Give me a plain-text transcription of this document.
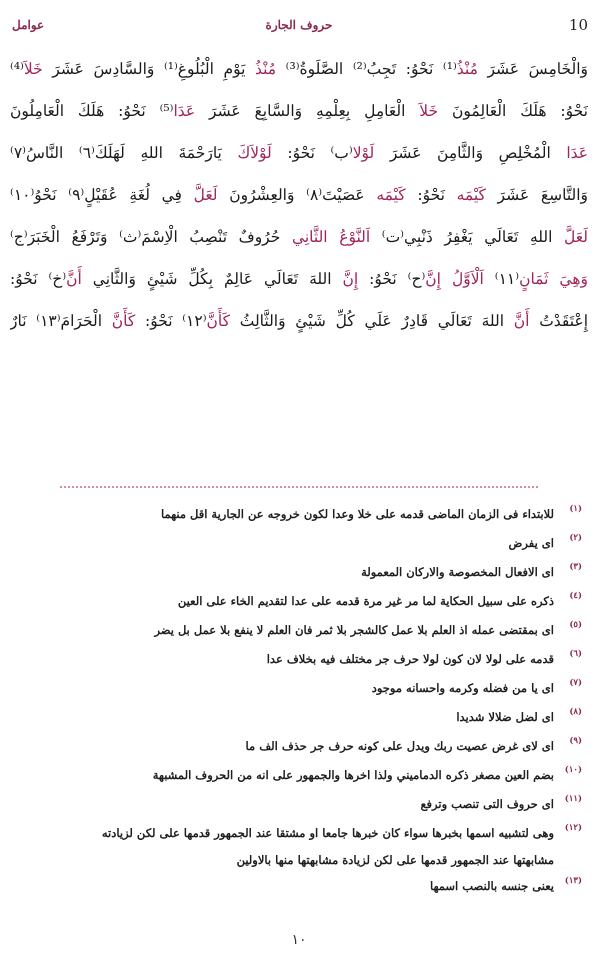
عوامل	حروف الجارة	10
وَالْخَامِسَ عَشَرَ مُنْذُ⁽¹⁾ نَحْوُ: تَجِبُ⁽²⁾ الصَّلَوةُ⁽³⁾ مُنْذُ يَوْمِ الْبُلُوغِ⁽¹⁾ وَالسَّادِسَ عَشَرَ خَلاَ⁽⁴⁾
نَحْوُ: هَلَكَ الْعَالِمُونَ خَلاَ الْعَامِلِ بِعِلْمِهِ وَالسَّابِعَ عَشَرَ عَدَا⁽⁵⁾ نَحْوُ: هَلَكَ الْعَامِلُونَ
عَدَا الْمُخْلِصِ وَالثَّامِنَ عَشَرَ لَوْلا⁽ب⁾ نَحْوُ: لَوْلاَكَ يَارَحْمَةَ اللهِ لَهَلَكَ⁽٦⁾ النَّاسُ⁽٧⁾
وَالتَّاسِعَ عَشَرَ كَيْمَه نَحْوُ: كَيْمَه عَصَيْتَ⁽٨⁾ وَالعِشْرُونَ لَعَلَّ فِي لُغَةِ عُقَيْلٍ⁽٩⁾ نَحْوُ⁽١٠⁾
لَعَلَّ اللهِ تَعَالَي يَغْفِرُ ذَنْبِي⁽ت⁾ اَلنَّوْعُ الثَّانِي حُرُوفٌ تَنْصِبُ الْاِسْمَ⁽ث⁾ وَتَرْفَعُ الْخَبَرَ⁽ج⁾
وَهِيَ ثَمَانٍ⁽١١⁾ اَلْاَوَّلُ إِنَّ⁽ح⁾ نَحْوُ: إِنَّ اللهَ تَعَالَي عَالِمٌ بِكُلِّ شَيْئٍ وَالثَّانِي أَنَّ⁽خ⁾ نَحْوُ:
إِعْتَقَدْتُ أَنَّ اللهَ تَعَالَي قَادِرٌ عَلَي كُلِّ شَيْئٍ وَالثَّالِثُ كَأَنَّ⁽١٢⁾ نَحْوُ: كَأَنَّ الْحَرَامَ⁽١٣⁾ نَارٌ
(١)
للابتداء فى الزمان الماضى قدمه على خلا وعدا لكون خروجه عن الجارية اقل منهما
(٢)
اى يفرض
(٣)
اى الافعال المخصوصة والاركان المعمولة
(٤)
ذكره على سبيل الحكاية لما مر غير مرة قدمه على عدا لتقديم الخاء على العين
(٥)
اى بمقتضى عمله اذ العلم بلا عمل كالشجر بلا ثمر فان العلم لا ينفع بلا عمل بل يضر
(٦)
قدمه على لولا لان كون لولا حرف جر مختلف فيه بخلاف عدا
(٧)
اى يا من فضله وكرمه واحسانه موجود
(٨)
اى لضل ضلالا شديدا
(٩)
اى لاى غرض عصيت ربك ويدل على كونه حرف جر حذف الف ما
(١٠)
بضم العين مصغر ذكره الدماميني ولذا اخرها والجمهور على انه من الحروف المشبهة
(١١)
اى حروف التى تنصب وترفع
(١٢)
وهى لتشبيه اسمها بخبرها سواء كان خبرها جامعا او مشتقا عند الجمهور قدمها على لكن لزيادته
مشابهتها عند الجمهور قدمها على لكن لزيادة مشابهتها منها بالاولين
(١٣)
يعنى جنسه بالنصب اسمها
١٠
